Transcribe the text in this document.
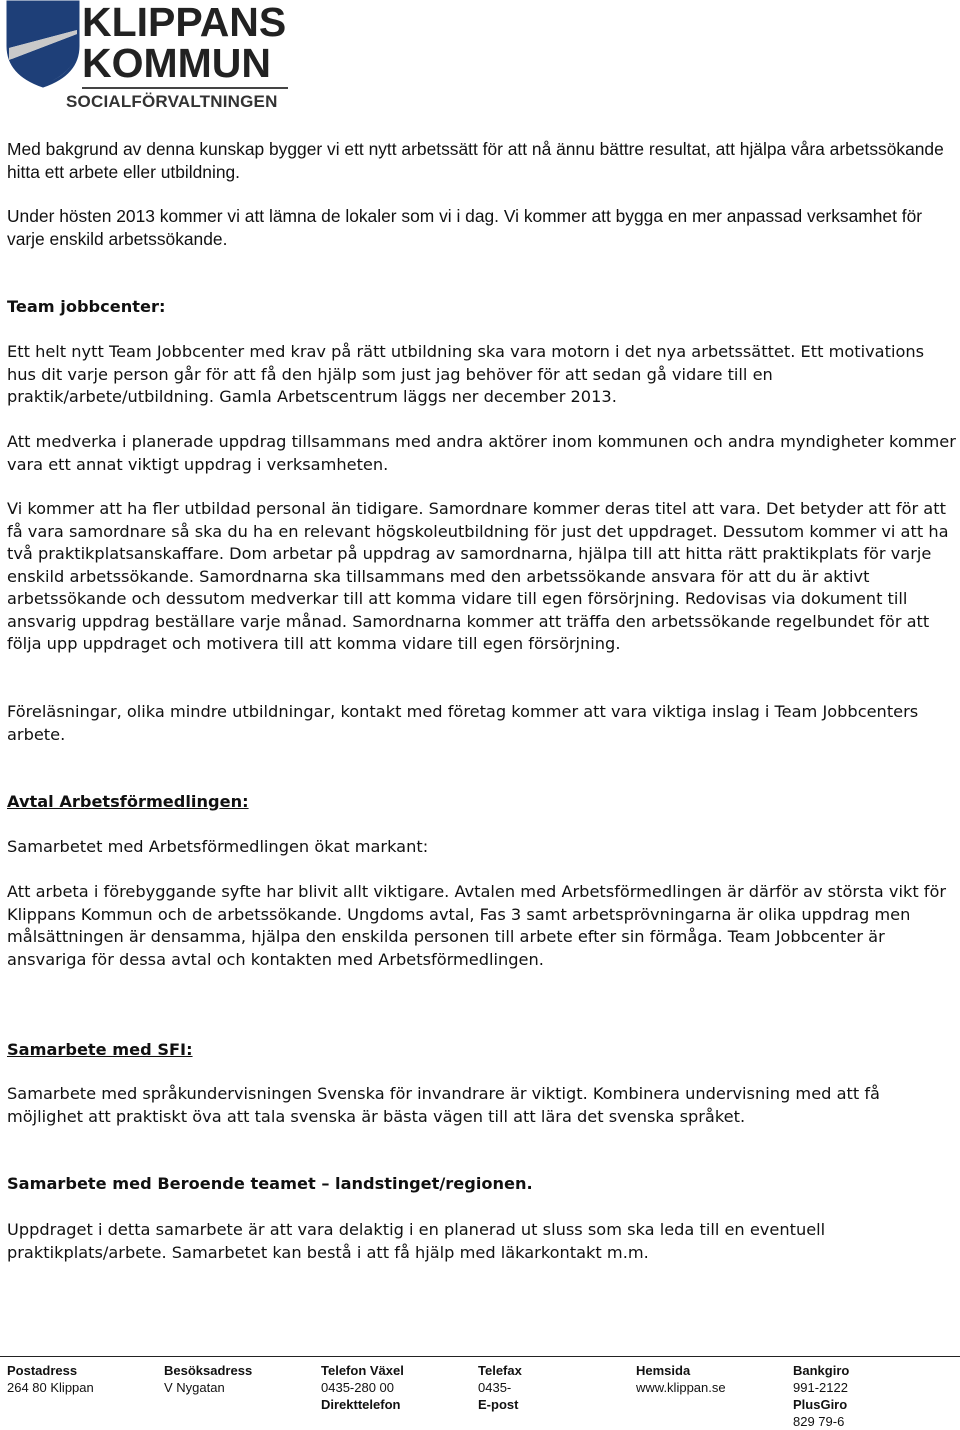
KLIPPANS
KOMMUN
SOCIALFÖRVALTNINGEN
Med bakgrund av denna kunskap bygger vi ett nytt arbetssätt för att nå ännu bättre resultat, att hjälpa våra arbetssökande hitta ett arbete eller utbildning.
Under hösten 2013 kommer vi att lämna de lokaler som vi i dag. Vi kommer att bygga en mer anpassad verksamhet för varje enskild arbetssökande.
Team jobbcenter:
Ett helt nytt Team Jobbcenter med krav på rätt utbildning ska vara motorn i det nya arbetssättet. Ett motivations hus dit varje person går för att få den hjälp som just jag behöver för att sedan gå vidare till en praktik/arbete/utbildning. Gamla Arbetscentrum läggs ner december 2013.
Att medverka i planerade uppdrag tillsammans med andra aktörer inom kommunen och andra myndigheter kommer vara ett annat viktigt uppdrag i verksamheten.
Vi kommer att ha fler utbildad personal än tidigare. Samordnare kommer deras titel att vara. Det betyder att för att få vara samordnare så ska du ha en relevant högskoleutbildning för just det uppdraget. Dessutom kommer vi att ha två praktikplatsanskaffare. Dom arbetar på uppdrag av samordnarna, hjälpa till att hitta rätt praktikplats för varje enskild arbetssökande. Samordnarna ska tillsammans med den arbetssökande ansvara för att du är aktivt arbetssökande och dessutom medverkar till att komma vidare till egen försörjning. Redovisas via dokument till ansvarig uppdrag beställare varje månad. Samordnarna kommer att träffa den arbetssökande regelbundet för att följa upp uppdraget och motivera till att komma vidare till egen försörjning.
Föreläsningar, olika mindre utbildningar, kontakt med företag kommer att vara viktiga inslag i Team Jobbcenters arbete.
Avtal Arbetsförmedlingen:
Samarbetet med Arbetsförmedlingen ökat markant:
Att arbeta i förebyggande syfte har blivit allt viktigare. Avtalen med Arbetsförmedlingen är därför av största vikt för Klippans Kommun och de arbetssökande. Ungdoms avtal, Fas 3 samt arbetsprövningarna är olika uppdrag men målsättningen är densamma, hjälpa den enskilda personen till arbete efter sin förmåga. Team Jobbcenter är ansvariga för dessa avtal och kontakten med Arbetsförmedlingen.
Samarbete med SFI:
Samarbete med språkundervisningen Svenska för invandrare är viktigt. Kombinera undervisning med att få möjlighet att praktiskt öva att tala svenska är bästa vägen till att lära det svenska språket.
Samarbete med Beroende teamet – landstinget/regionen.
Uppdraget i detta samarbete är att vara delaktig i en planerad ut sluss som ska leda till en eventuell praktikplats/arbete. Samarbetet kan bestå i att få hjälp med läkarkontakt m.m.
Postadress
264 80 Klippan
Besöksadress
V Nygatan
Telefon Växel
0435-280 00
Direkttelefon
Telefax
0435-
E-post
Hemsida
www.klippan.se
Bankgiro
991-2122
PlusGiro
829 79-6
